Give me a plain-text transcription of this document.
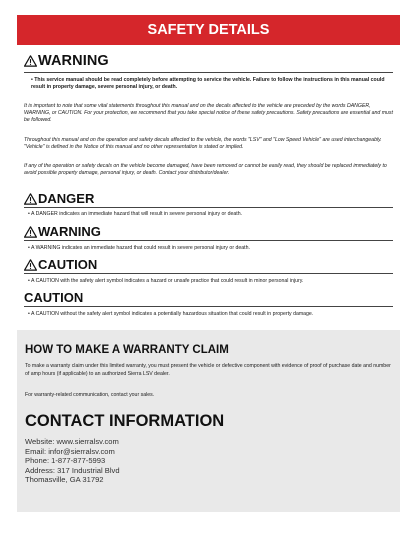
SAFETY DETAILS
WARNING
• This service manual should be read completely before attempting to service the vehicle. Failure to follow the instructions in this manual could result in property damage, severe personal injury, or death.
It is important to note that some vital statements throughout this manual and on the decals affected to the vehicle are preceded by the words DANGER, WARNING, or CAUTION. For your protection, we recommend that you take special notice of these safety precautions. Safety precautions are essential and must be followed.
Throughout this manual and on the operation and safety decals affected to the vehicle, the words "LSV" and "Low Speed Vehicle" are used interchangeably. "Vehicle" is defined in the Notice of this manual and no other representation is stated or implied.
If any of the operation or safety decals on the vehicle become damaged, have been removed or cannot be easily read, they should be replaced immediately to avoid possible property damage, personal injury, or death. Contact your distributor/dealer.
DANGER
• A DANGER indicates an immediate hazard that will result in severe personal injury or death.
WARNING
• A WARNING indicates an immediate hazard that could result in severe personal injury or death.
CAUTION
• A CAUTION with the safety alert symbol indicates a hazard or unsafe practice that could result in minor personal injury.
CAUTION
• A CAUTION without the safety alert symbol indicates a potentially hazardous situation that could result in property damage.
HOW TO MAKE A WARRANTY CLAIM
To make a warranty claim under this limited warranty, you must present the vehicle or defective component with evidence of proof of purchase date and number of amp hours (if applicable) to an authorized Sierra LSV dealer.
For warranty-related communication, contact your sales.
CONTACT INFORMATION
Website: www.sierralsv.com
Email: infor@sierralsv.com
Phone: 1-877-877-5993
Address: 317 Industrial Blvd
Thomasville, GA 31792
